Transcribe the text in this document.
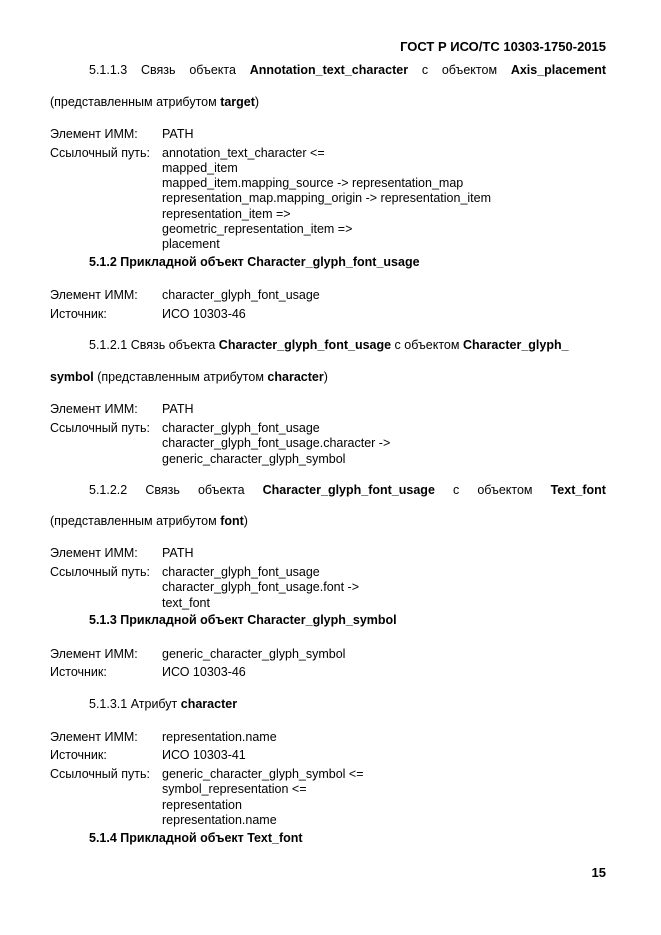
ГОСТ Р ИСО/ТС 10303-1750-2015
5.1.1.3 Связь объекта Annotation_text_character с объектом Axis_placement
(представленным атрибутом target)
Элемент ИММ: PATH
Ссылочный путь: annotation_text_character <=
mapped_item
mapped_item.mapping_source -> representation_map
representation_map.mapping_origin -> representation_item
representation_item =>
geometric_representation_item =>
placement
5.1.2 Прикладной объект Character_glyph_font_usage
Элемент ИММ: character_glyph_font_usage
Источник:	ИСО 10303-46
5.1.2.1 Связь объекта Character_glyph_font_usage с объектом Character_glyph_
symbol (представленным атрибутом character)
Элемент ИММ: PATH
Ссылочный путь: character_glyph_font_usage
character_glyph_font_usage.character ->
generic_character_glyph_symbol
5.1.2.2 Связь объекта Character_glyph_font_usage с объектом Text_font
(представленным атрибутом font)
Элемент ИММ: PATH
Ссылочный путь: character_glyph_font_usage
character_glyph_font_usage.font ->
text_font
5.1.3 Прикладной объект Character_glyph_symbol
Элемент ИММ: generic_character_glyph_symbol
Источник:	ИСО 10303-46
5.1.3.1 Атрибут character
Элемент ИММ: representation.name
Источник:	ИСО 10303-41
Ссылочный путь: generic_character_glyph_symbol <=
symbol_representation <=
representation
representation.name
5.1.4 Прикладной объект Text_font
15
